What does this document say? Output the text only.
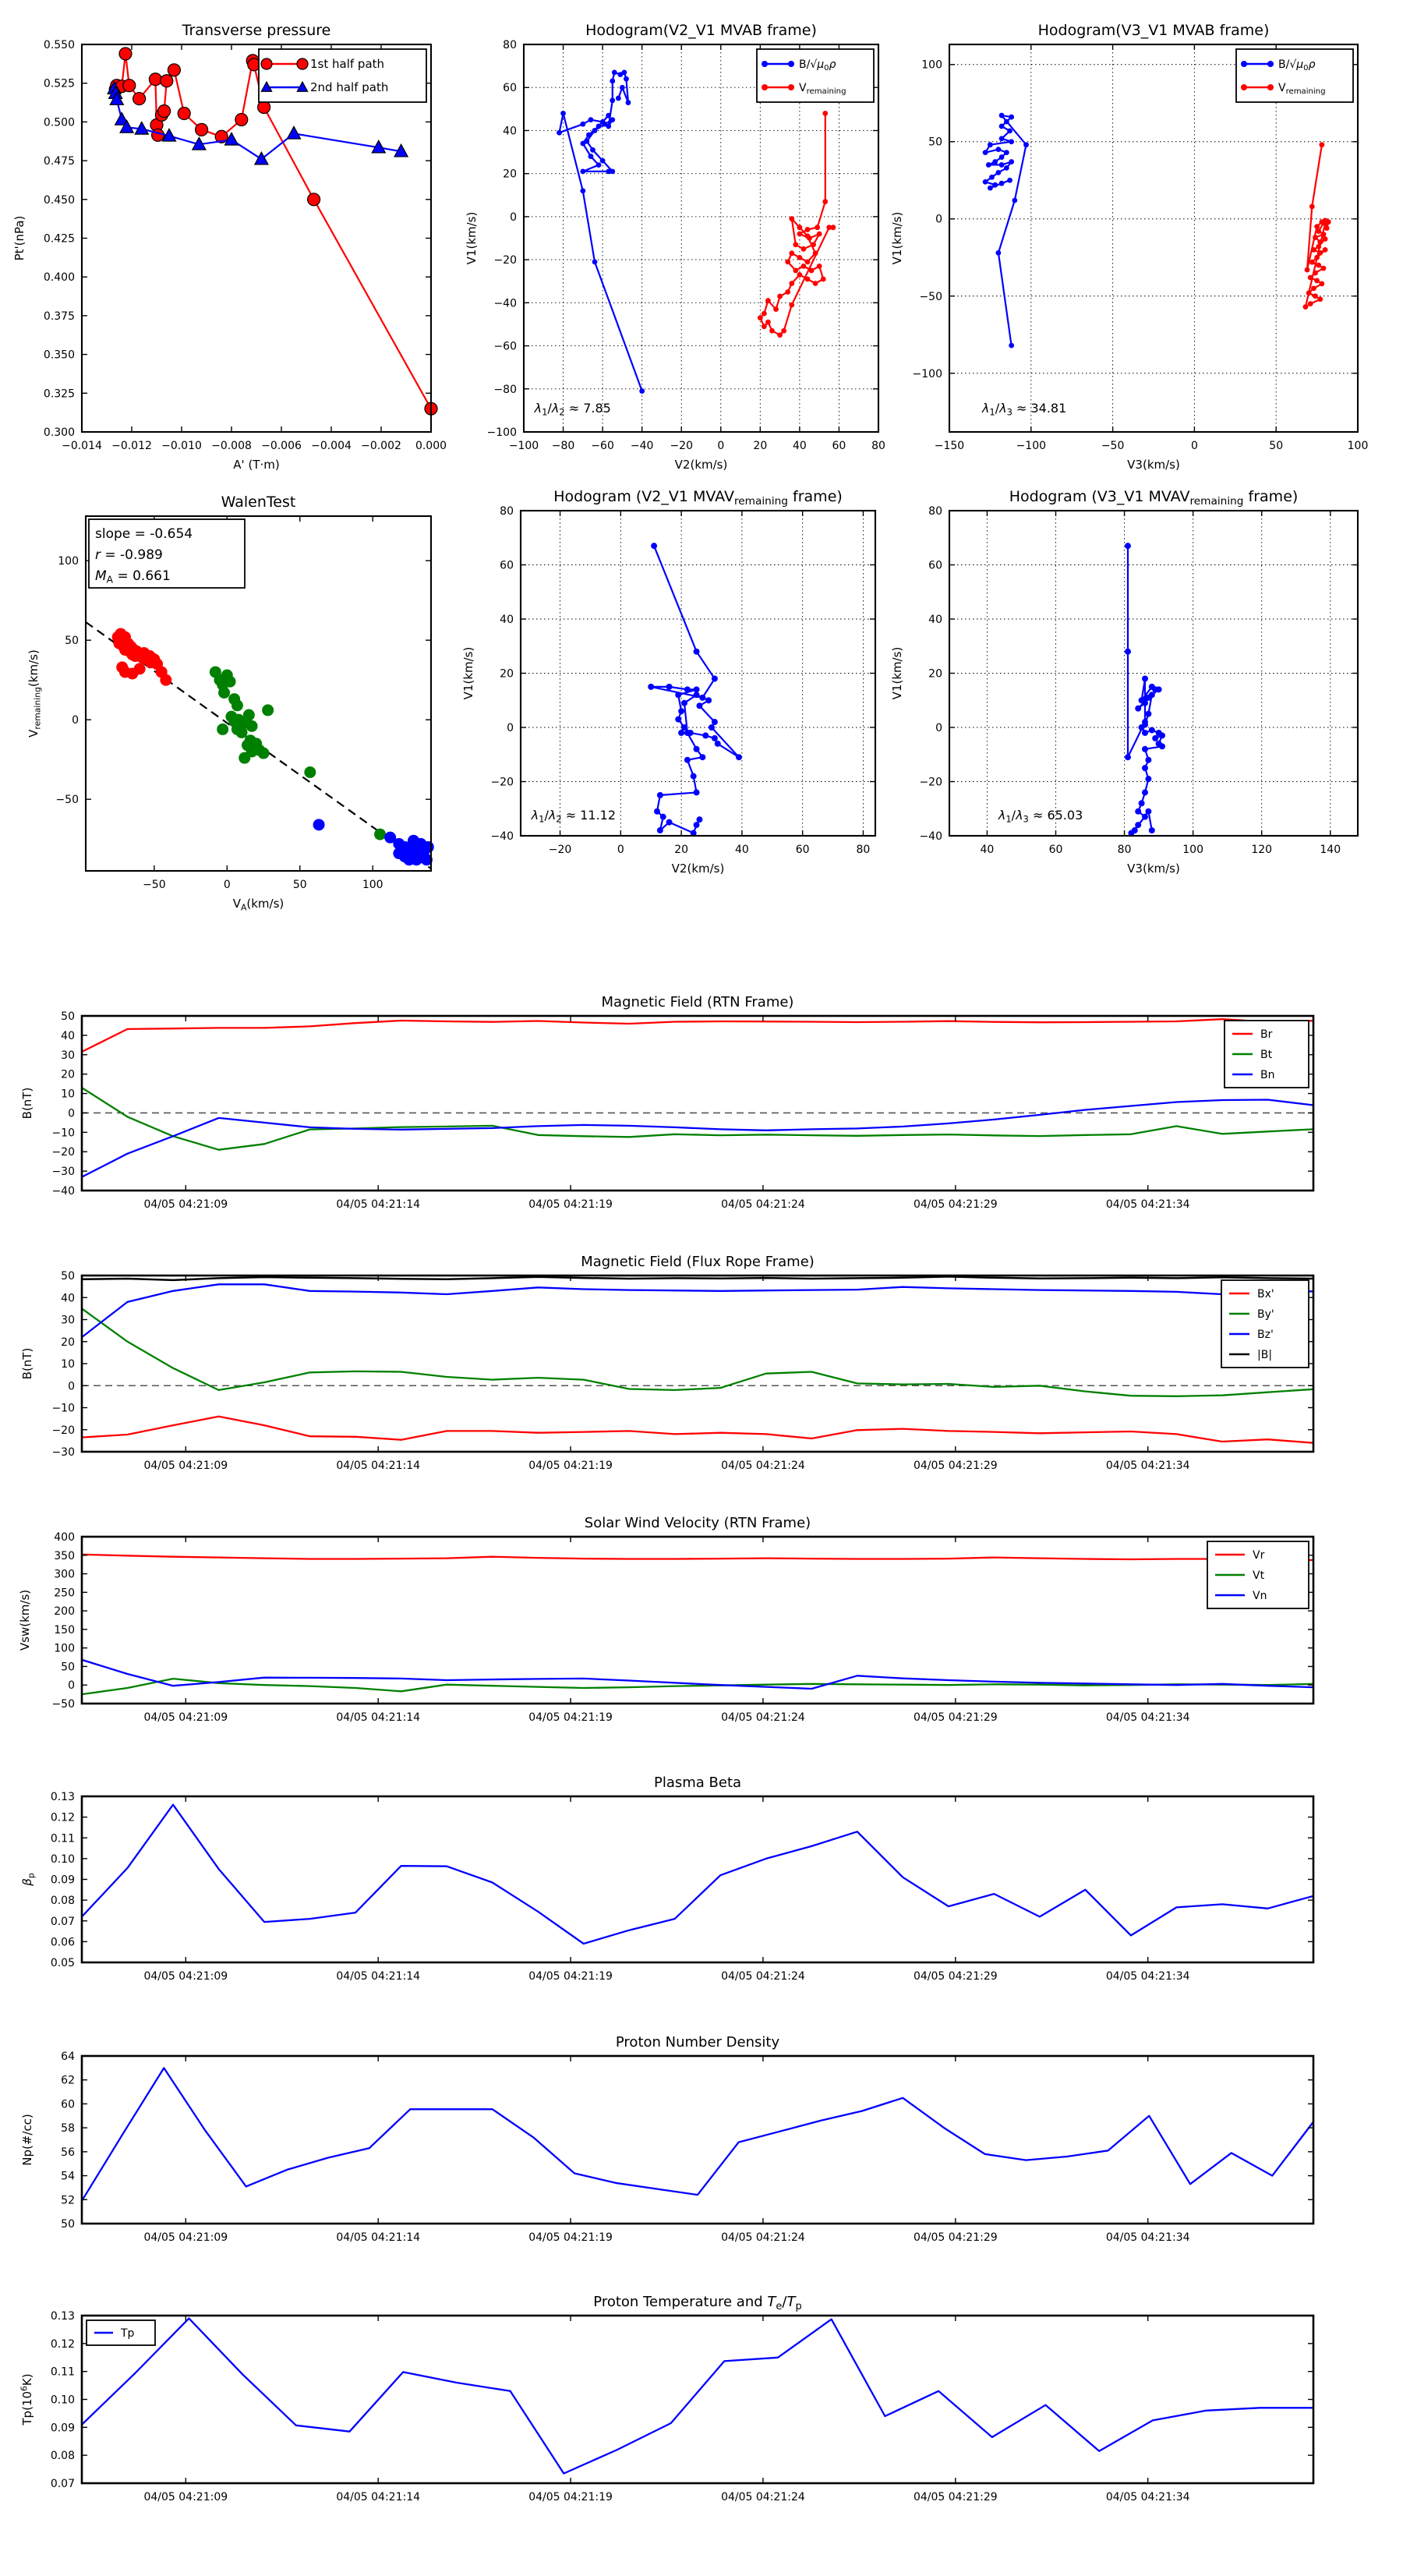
−0.014 −0.012 −0.010 −0.008 −0.006 −0.004 −0.002 0.000
0.300
0.325
0.350
0.375
0.400
0.425
0.450
0.475
0.500
0.525
0.550
A' (T·m)
Pt'(nPa)
Transverse pressure
1st half path
2nd half path
−100 −80 −60 −40 −20 0	20 40 60 80
−100
−80
−60
−40
−20
0
20
40
60
80
V2(km/s)
V1(km/s)
Hodogram(V2_V1 MVAB frame)
$B/√\mu_0\rho$
$V_{remaining}$
$\lambda_1/\lambda_2 \approx 7.85$
−150	−100	−50	0	50	100
−100
−50
0
50
100
V3(km/s)
V1(km/s)
Hodogram(V3_V1 MVAB frame)
$B/√\mu_0\rho$
$V_{remaining}$
$\lambda_1/\lambda_3 \approx 34.81$
−50	0	50	100
−50
0
50
100
$V_A(km/s)$
$V_{remaining}(km/s)$
WalenTest
slope = -0.654
r = -0.989
$M_A = 0.661$
−20	0	20	40	60	80
−40
−20
0
20
40
60
80
V2(km/s)
V1(km/s)
Hodogram (V2_V1 $MVAV_{remaining}$ frame)
$\lambda_1/\lambda_2 \approx 11.12$
40	60	80	100	120	140
−40
−20
0
20
40
60
80
V3(km/s)
V1(km/s)
Hodogram (V3_V1 $MVAV_{remaining}$ frame)
$\lambda_1/\lambda_3 \approx 65.03$
04/05 04:21:09	04/05 04:21:14	04/05 04:21:19	04/05 04:21:24	04/05 04:21:29	04/05 04:21:34
−40
−30
−20
−10
0
10
20
30
40
50
B(nT)
Magnetic Field (RTN Frame)
Br
Bt
Bn
04/05 04:21:09	04/05 04:21:14	04/05 04:21:19	04/05 04:21:24	04/05 04:21:29	04/05 04:21:34
−30
−20
−10
0
10
20
30
40
50
B(nT)
Magnetic Field (Flux Rope Frame)
Bx'
By'
Bz'
|B|
04/05 04:21:09	04/05 04:21:14	04/05 04:21:19	04/05 04:21:24	04/05 04:21:29	04/05 04:21:34
−50
0
50
100
150
200
250
300
350
400
Vsw(km/s)
Solar Wind Velocity (RTN Frame)
Vr
Vt
Vn
04/05 04:21:09	04/05 04:21:14	04/05 04:21:19	04/05 04:21:24	04/05 04:21:29	04/05 04:21:34
0.05
0.06
0.07
0.08
0.09
0.10
0.11
0.12
0.13
$\beta_p$
Plasma Beta
04/05 04:21:09	04/05 04:21:14	04/05 04:21:19	04/05 04:21:24	04/05 04:21:29	04/05 04:21:34
50
52
54
56
58
60
62
64
Np(#/cc)
Proton Number Density
04/05 04:21:09	04/05 04:21:14	04/05 04:21:19	04/05 04:21:24	04/05 04:21:29	04/05 04:21:34
0.07
0.08
0.09
0.10
0.11
0.12
0.13
$Tp(10^6K)$
Proton Temperature and $T_e/T_p$
Tp
